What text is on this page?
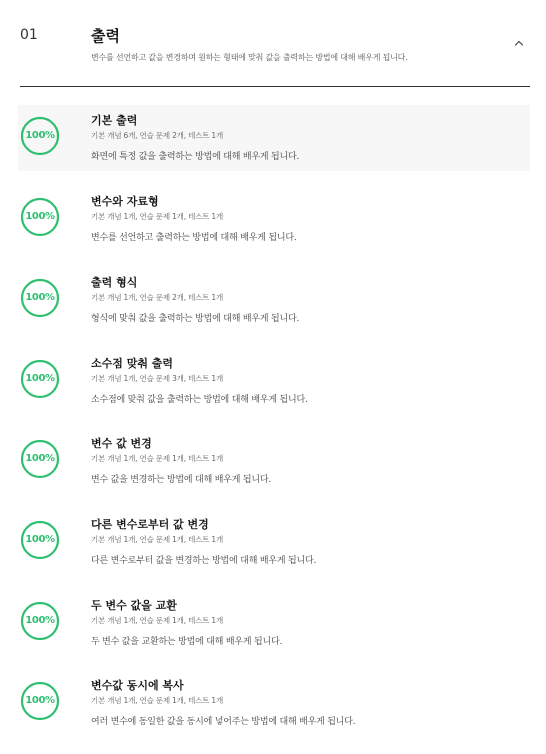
01	출력
변수를 선언하고 값을 변경하며 원하는 형태에 맞춰 값을 출력하는 방법에 대해 배우게 됩니다.
100%
기본 출력
기본 개념 6개, 연습 문제 2개, 테스트 1개
화면에 특정 값을 출력하는 방법에 대해 배우게 됩니다.
100%
변수와 자료형
기본 개념 1개, 연습 문제 1개, 테스트 1개
변수를 선언하고 출력하는 방법에 대해 배우게 됩니다.
100%
출력 형식
기본 개념 1개, 연습 문제 2개, 테스트 1개
형식에 맞춰 값을 출력하는 방법에 대해 배우게 됩니다.
100%
소수점 맞춰 출력
기본 개념 1개, 연습 문제 3개, 테스트 1개
소수점에 맞춰 값을 출력하는 방법에 대해 배우게 됩니다.
100%
변수 값 변경
기본 개념 1개, 연습 문제 1개, 테스트 1개
변수 값을 변경하는 방법에 대해 배우게 됩니다.
100%
다른 변수로부터 값 변경
기본 개념 1개, 연습 문제 1개, 테스트 1개
다른 변수로부터 값을 변경하는 방법에 대해 배우게 됩니다.
100%
두 변수 값을 교환
기본 개념 1개, 연습 문제 1개, 테스트 1개
두 변수 값을 교환하는 방법에 대해 배우게 됩니다.
100%
변수값 동시에 복사
기본 개념 1개, 연습 문제 1개, 테스트 1개
여러 변수에 동일한 값을 동시에 넣어주는 방법에 대해 배우게 됩니다.
